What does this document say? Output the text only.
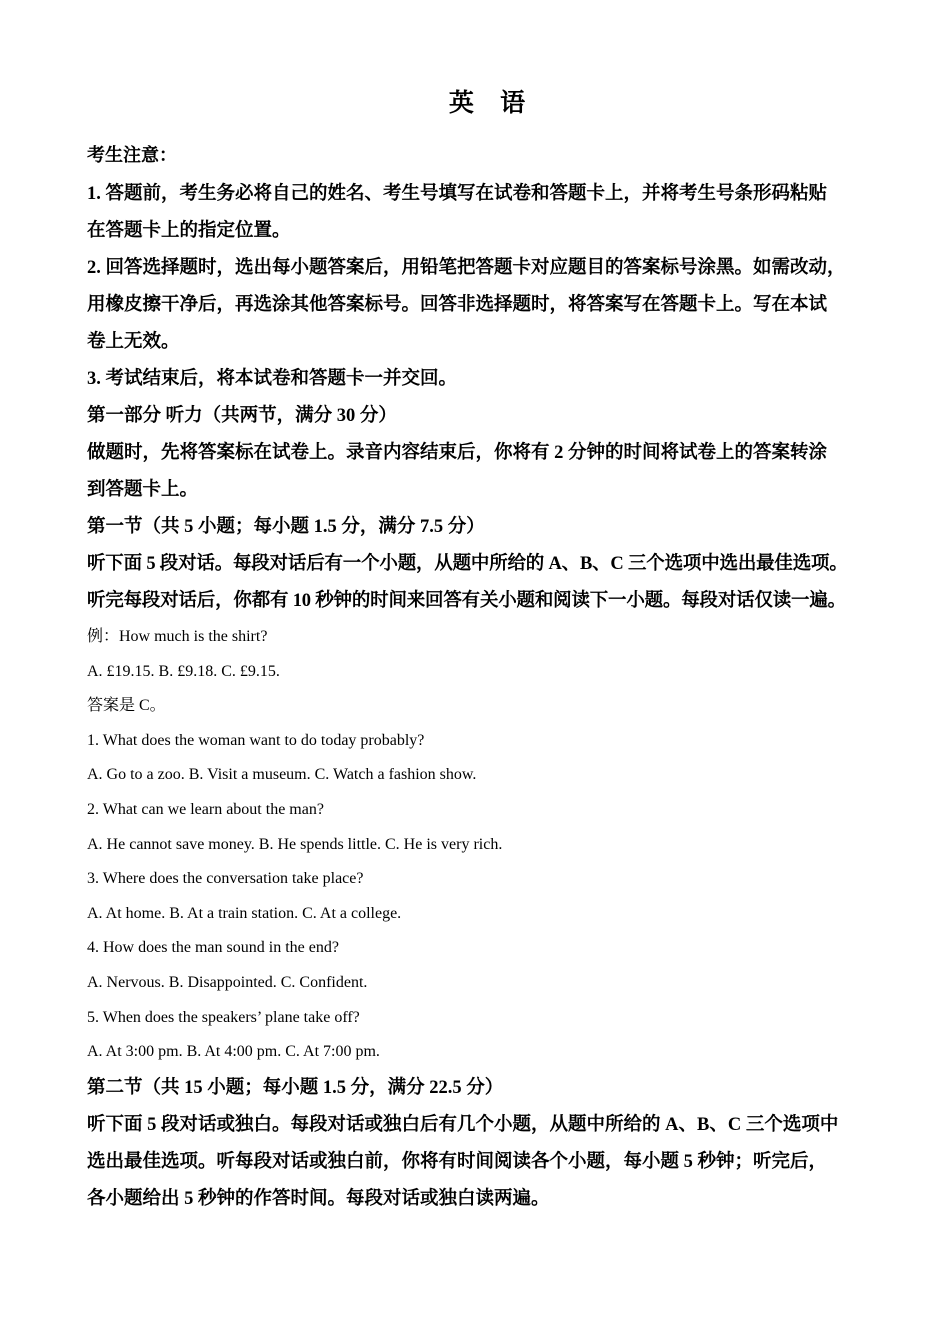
英 语
考生注意：

1. 答题前，考生务必将自己的姓名、考生号填写在试卷和答题卡上，并将考生号条形码粘贴

在答题卡上的指定位置。

2. 回答选择题时，选出每小题答案后，用铅笔把答题卡对应题目的答案标号涂黑。如需改动，

用橡皮擦干净后，再选涂其他答案标号。回答非选择题时，将答案写在答题卡上。写在本试

卷上无效。

3. 考试结束后，将本试卷和答题卡一并交回。

第一部分 听力（共两节，满分 30 分）

做题时，先将答案标在试卷上。录音内容结束后，你将有 2 分钟的时间将试卷上的答案转涂

到答题卡上。

第一节（共 5 小题；每小题 1.5 分，满分 7.5 分）

听下面 5 段对话。每段对话后有一个小题，从题中所给的 A、B、C 三个选项中选出最佳选项。

听完每段对话后，你都有 10 秒钟的时间来回答有关小题和阅读下一小题。每段对话仅读一遍。

例：How much is the shirt?

A. £19.15. B. £9.18. C. £9.15.

答案是 C。

1. What does the woman want to do today probably?

A. Go to a zoo. B. Visit a museum. C. Watch a fashion show.

2. What can we learn about the man?

A. He cannot save money. B. He spends little. C. He is very rich.

3. Where does the conversation take place?

A. At home. B. At a train station. C. At a college.

4. How does the man sound in the end?

A. Nervous. B. Disappointed. C. Confident.

5. When does the speakers’ plane take off?

A. At 3:00 pm. B. At 4:00 pm. C. At 7:00 pm.

第二节（共 15 小题；每小题 1.5 分，满分 22.5 分）

听下面 5 段对话或独白。每段对话或独白后有几个小题，从题中所给的 A、B、C 三个选项中

选出最佳选项。听每段对话或独白前，你将有时间阅读各个小题，每小题 5 秒钟；听完后，

各小题给出 5 秒钟的作答时间。每段对话或独白读两遍。
